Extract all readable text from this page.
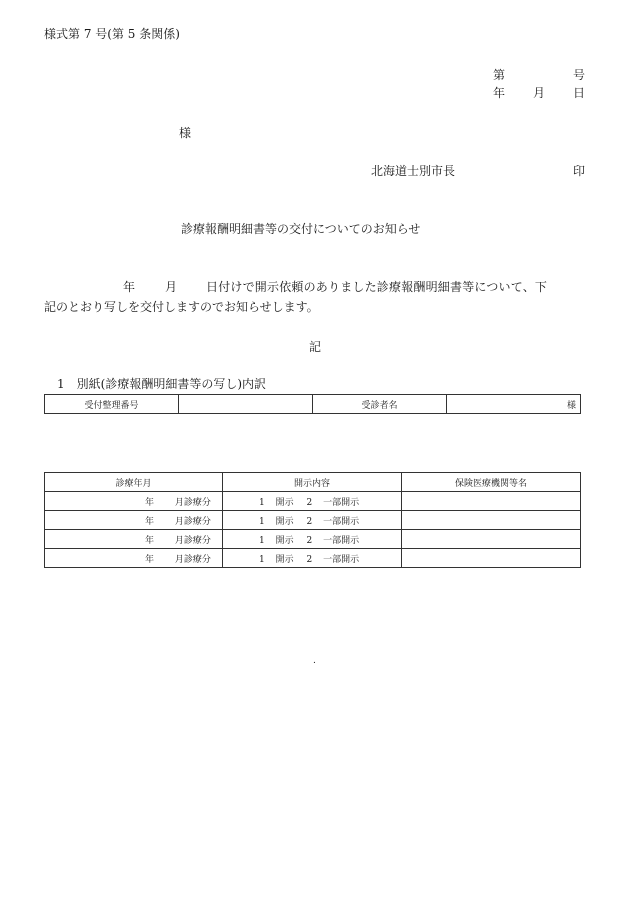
様式第 7 号(第 5 条関係)
第	号
年 月 日
様
北海道士別市長	印
診療報酬明細書等の交付についてのお知らせ
年 月 日付けで開示依頼のありました診療報酬明細書等について、下
記のとおり写しを交付しますのでお知らせします。
記
1　別紙(診療報酬明細書等の写し)内訳
受付整理番号		受診者名	様
診療年月	開示内容	保険医療機関等名
年 月診療分	1 開示 2 一部開示	
年 月診療分	1 開示 2 一部開示	
年 月診療分	1 開示 2 一部開示	
年 月診療分	1 開示 2 一部開示	
.
